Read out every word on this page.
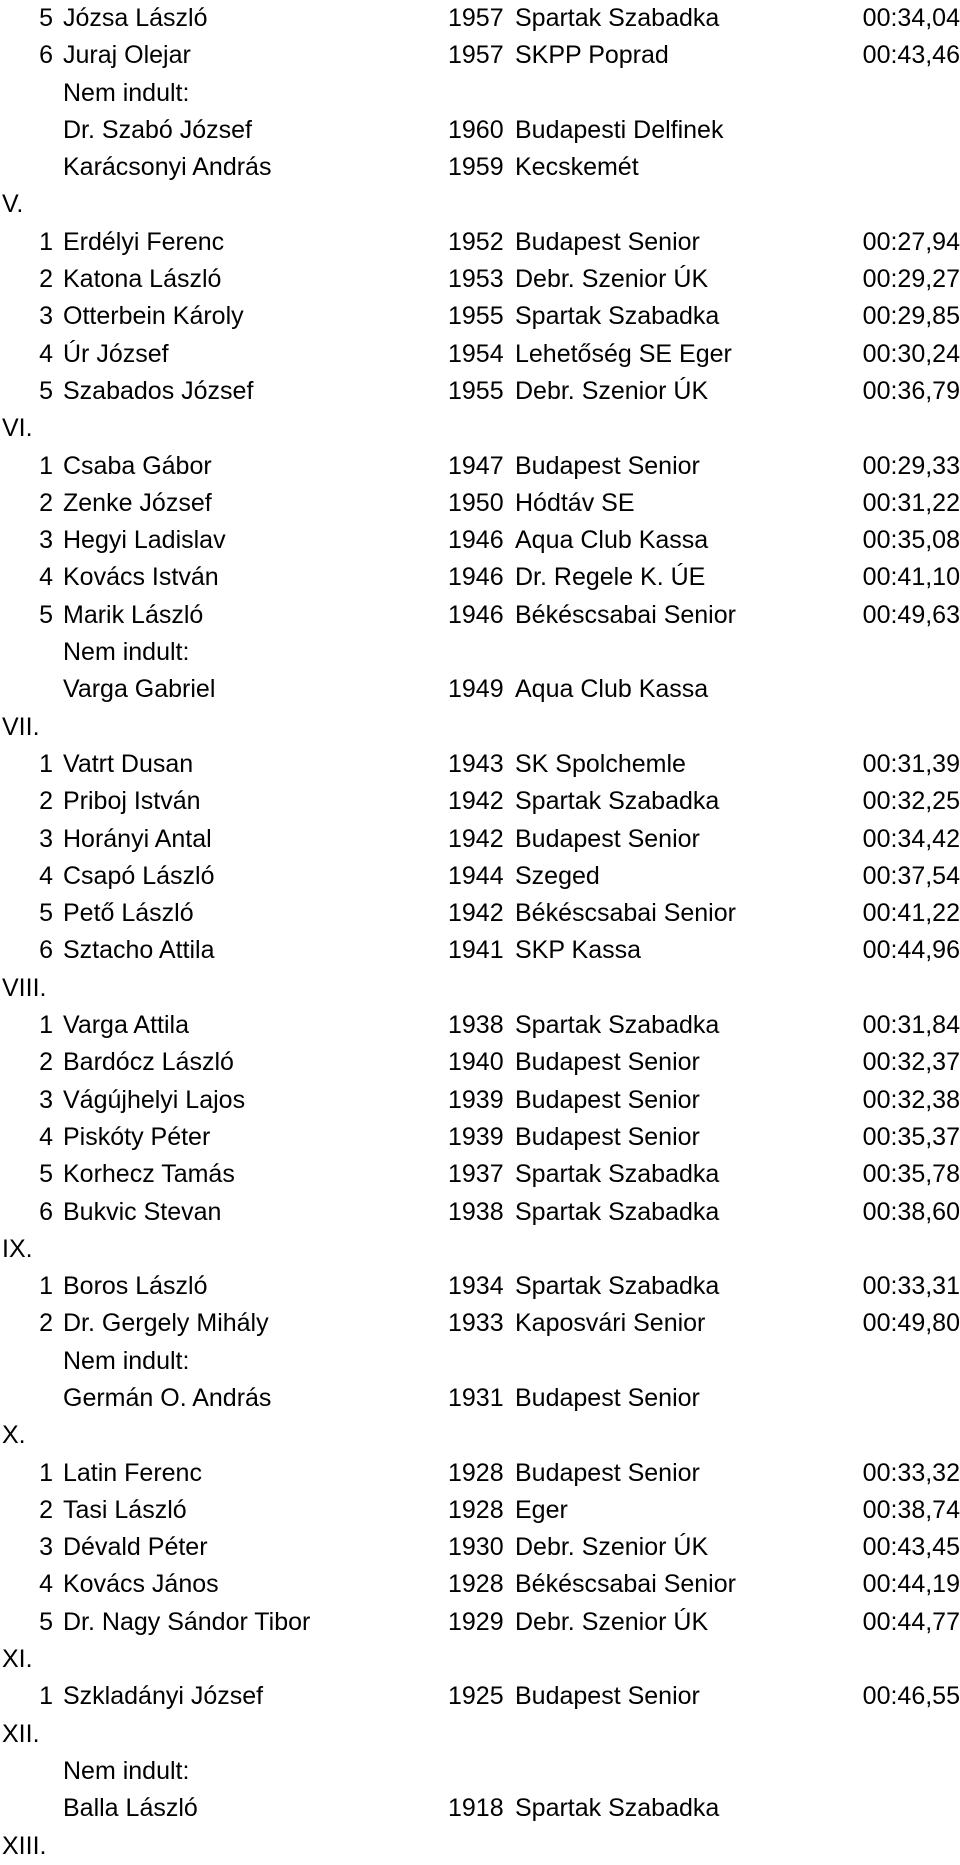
5 Józsa László	1957 Spartak Szabadka	00:34,04
6 Juraj Olejar	1957 SKPP Poprad	00:43,46
Nem indult:
Dr. Szabó József	1960 Budapesti Delfinek
Karácsonyi András	1959 Kecskemét
V.
1 Erdélyi Ferenc	1952 Budapest Senior	00:27,94
2 Katona László	1953 Debr. Szenior ÚK	00:29,27
3 Otterbein Károly	1955 Spartak Szabadka	00:29,85
4 Úr József	1954 Lehetőség SE Eger	00:30,24
5 Szabados József	1955 Debr. Szenior ÚK	00:36,79
VI.
1 Csaba Gábor	1947 Budapest Senior	00:29,33
2 Zenke József	1950 Hódtáv SE	00:31,22
3 Hegyi Ladislav	1946 Aqua Club Kassa	00:35,08
4 Kovács István	1946 Dr. Regele K. ÚE	00:41,10
5 Marik László	1946 Békéscsabai Senior	00:49,63
Nem indult:
Varga Gabriel	1949 Aqua Club Kassa
VII.
1 Vatrt Dusan	1943 SK Spolchemle	00:31,39
2 Priboj István	1942 Spartak Szabadka	00:32,25
3 Horányi Antal	1942 Budapest Senior	00:34,42
4 Csapó László	1944 Szeged	00:37,54
5 Pető László	1942 Békéscsabai Senior	00:41,22
6 Sztacho Attila	1941 SKP Kassa	00:44,96
VIII.
1 Varga Attila	1938 Spartak Szabadka	00:31,84
2 Bardócz László	1940 Budapest Senior	00:32,37
3 Vágújhelyi Lajos	1939 Budapest Senior	00:32,38
4 Piskóty Péter	1939 Budapest Senior	00:35,37
5 Korhecz Tamás	1937 Spartak Szabadka	00:35,78
6 Bukvic Stevan	1938 Spartak Szabadka	00:38,60
IX.
1 Boros László	1934 Spartak Szabadka	00:33,31
2 Dr. Gergely Mihály	1933 Kaposvári Senior	00:49,80
Nem indult:
Germán O. András	1931 Budapest Senior
X.
1 Latin Ferenc	1928 Budapest Senior	00:33,32
2 Tasi László	1928 Eger	00:38,74
3 Dévald Péter	1930 Debr. Szenior ÚK	00:43,45
4 Kovács János	1928 Békéscsabai Senior	00:44,19
5 Dr. Nagy Sándor Tibor	1929 Debr. Szenior ÚK	00:44,77
XI.
1 Szkladányi József	1925 Budapest Senior	00:46,55
XII.
Nem indult:
Balla László	1918 Spartak Szabadka
XIII.
